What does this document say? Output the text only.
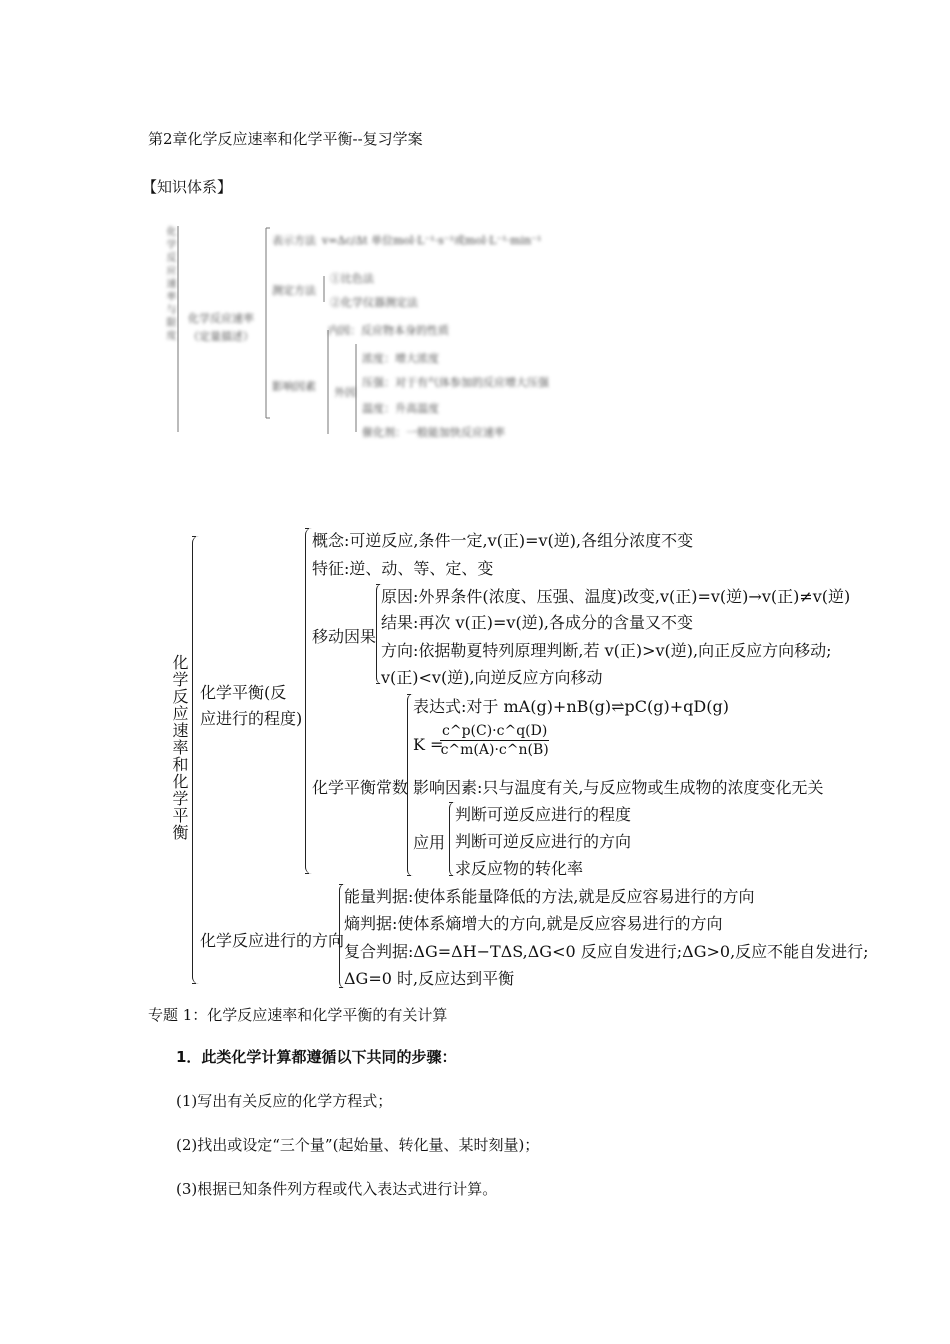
第2章化学反应速率和化学平衡--复习学案
【知识体系】
化学反应速率与限度 化学反应速率（定量描述）
表示方法 v=Δc/Δt 单位mol·L⁻¹·s⁻¹或mol·L⁻¹·min⁻¹
测定方法
①比色法
②化学仪器测定法
内因：反应物本身的性质
影响因素 外因
浓度：增大浓度
压强：对于有气体参加的反应增大压强
温度：升高温度
催化剂：一般能加快反应速率
化学反应速率和化学平衡 化学平衡(反
应进行的程度)
概念:可逆反应,条件一定,v(正)=v(逆),各组分浓度不变
特征:逆、动、等、定、变
移动因果
原因:外界条件(浓度、压强、温度)改变,v(正)=v(逆)→v(正)≠v(逆)
结果:再次 v(正)=v(逆),各成分的含量又不变
方向:依据勒夏特列原理判断,若 v(正)>v(逆),向正反应方向移动;
v(正)<v(逆),向逆反应方向移动
化学平衡常数
表达式:对于 mA(g)+nB(g)⇌pC(g)+qD(g)
K =
$\frac{c\^{}p(C)\cdot c\^{}q(D)}{c\^{}m(A)\cdot c\^{}n(B)}$
影响因素:只与温度有关,与反应物或生成物的浓度变化无关
应用
判断可逆反应进行的程度
判断可逆反应进行的方向
求反应物的转化率
化学反应进行的方向
能量判据:使体系能量降低的方法,就是反应容易进行的方向
熵判据:使体系熵增大的方向,就是反应容易进行的方向
复合判据:ΔG=ΔH−TΔS,ΔG<0 反应自发进行;ΔG>0,反应不能自发进行;
ΔG=0 时,反应达到平衡
专题 1：化学反应速率和化学平衡的有关计算
1．此类化学计算都遵循以下共同的步骤：
(1)写出有关反应的化学方程式；
(2)找出或设定“三个量”(起始量、转化量、某时刻量)；
(3)根据已知条件列方程或代入表达式进行计算。
